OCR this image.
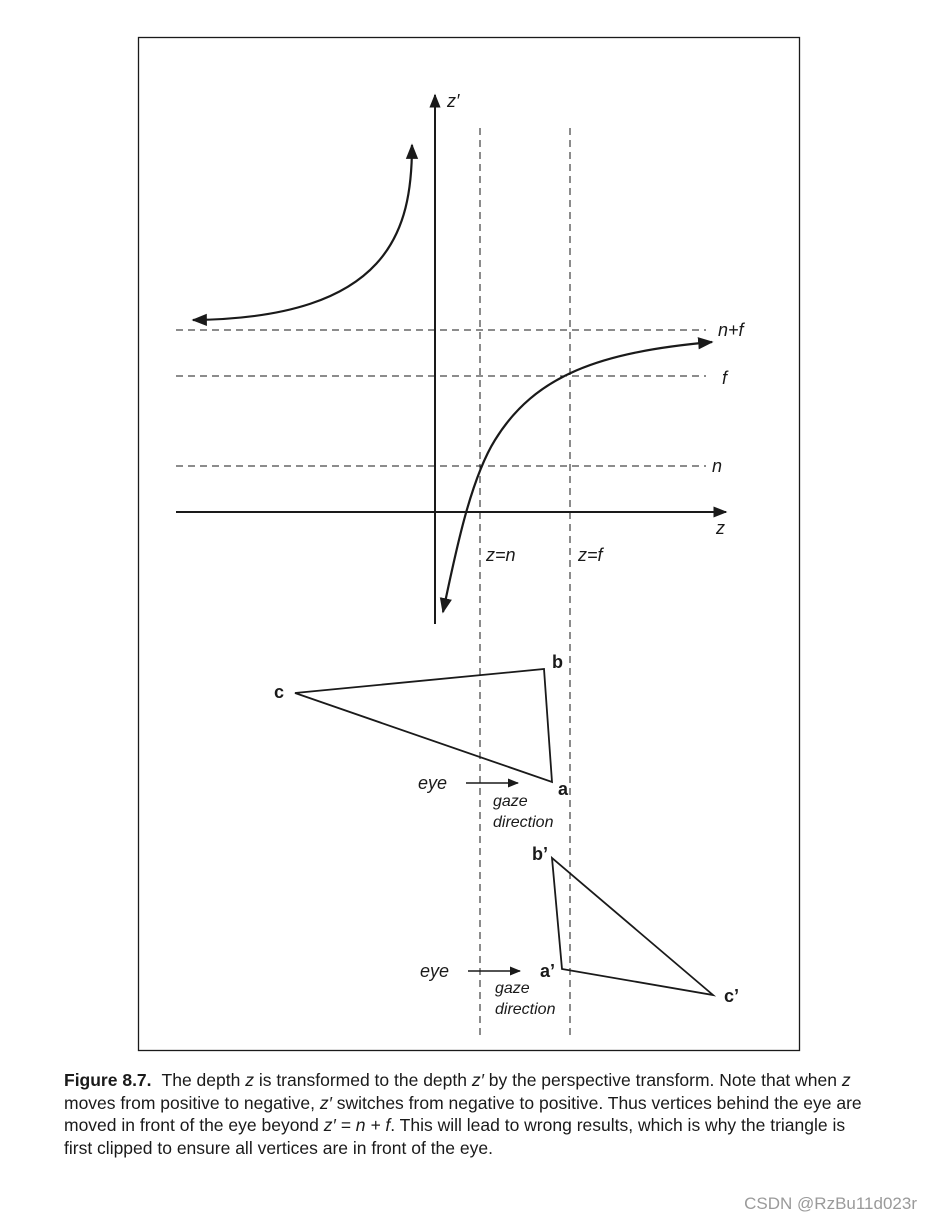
z′
z
n+f
f
n
z=n	z=f
b
c
a
eye
gaze
direction
b’
a’
c’
eye
gaze
direction
Figure 8.7. The depth z is transformed to the depth z′ by the perspective transform. Note that when z moves from positive to negative, z′ switches from negative to positive. Thus vertices behind the eye are moved in front of the eye beyond z′ = n + f. This will lead to wrong results, which is why the triangle is first clipped to ensure all vertices are in front of the eye.
CSDN @RzBu11d023r
